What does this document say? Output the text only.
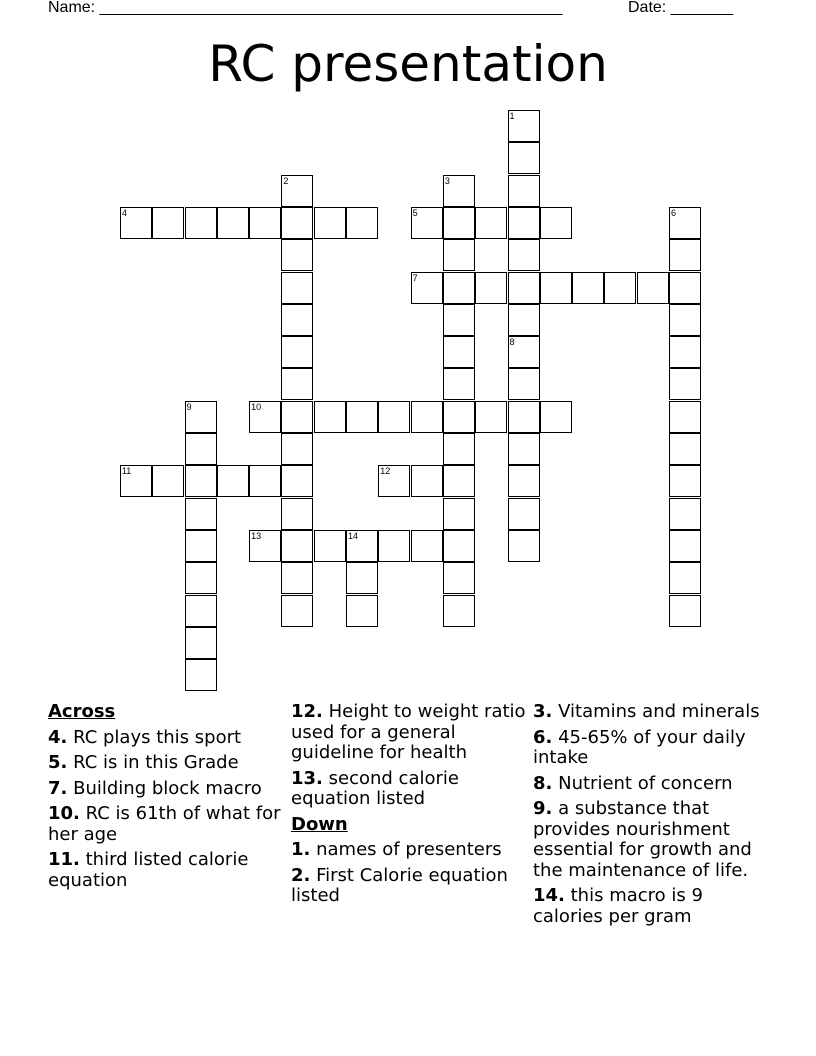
Name: ____________________________________________________	Date: _______
RC presentation
1
8
2	3
4	5	6
7
9	10
11	12
13	14
Across
4. RC plays this sport
5. RC is in this Grade
7. Building block macro
10. RC is 61th of what for her age
11. third listed calorie equation
12. Height to weight ratio used for a general guideline for health
13. second calorie equation listed
Down
1. names of presenters
2. First Calorie equation listed
3. Vitamins and minerals
6. 45-65% of your daily intake
8. Nutrient of concern
9. a substance that provides nourishment essential for growth and the maintenance of life.
14. this macro is 9 calories per gram
